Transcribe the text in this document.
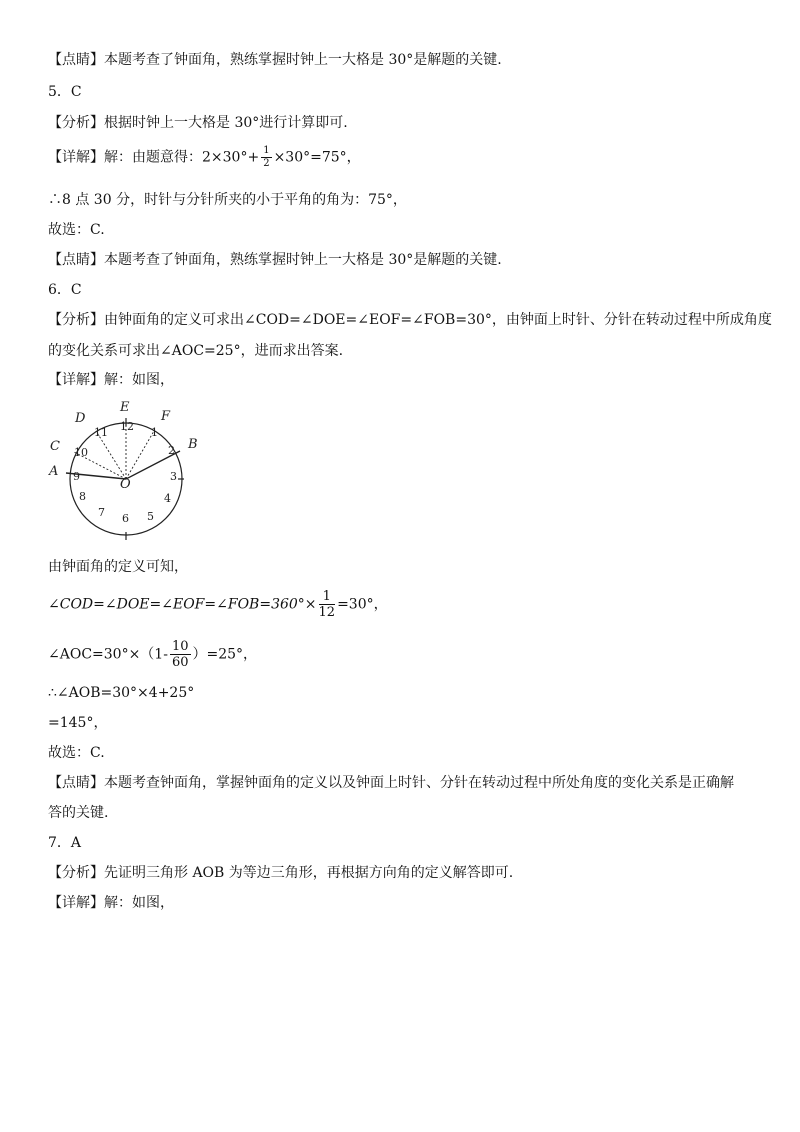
【点睛】本题考查了钟面角，熟练掌握时钟上一大格是 30°是解题的关键.
5．C
【分析】根据时钟上一大格是 30°进行计算即可.
【详解】解：由题意得：$2\times 30^\circ+ \frac{1}{2} \times 30^\circ=75^\circ$，
∴8 点 30 分，时针与分针所夹的小于平角的角为：75°，
故选：C.
【点睛】本题考查了钟面角，熟练掌握时钟上一大格是 30°是解题的关键.
6．C
【分析】由钟面角的定义可求出∠COD=∠DOE=∠EOF=∠FOB=30°，由钟面上时针、分针在转动过程中所成角度
的变化关系可求出∠AOC=25°，进而求出答案.
【详解】解：如图，
12 1
2
3
4
5
6
7
8
9
10
11
A
B
C
D
E
F
O
由钟面角的定义可知，
∠COD=∠DOE=∠EOF=∠FOB=360°× $\frac{1}{12} =30^\circ$，
∠AOC=30°×（1- $\frac{10}{60} )=25^\circ$，
∴∠AOB=30°×4+25°
=145°，
故选：C.
【点睛】本题考查钟面角，掌握钟面角的定义以及钟面上时针、分针在转动过程中所处角度的变化关系是正确解
答的关键.
7．A
【分析】先证明三角形 AOB 为等边三角形，再根据方向角的定义解答即可.
【详解】解：如图，
